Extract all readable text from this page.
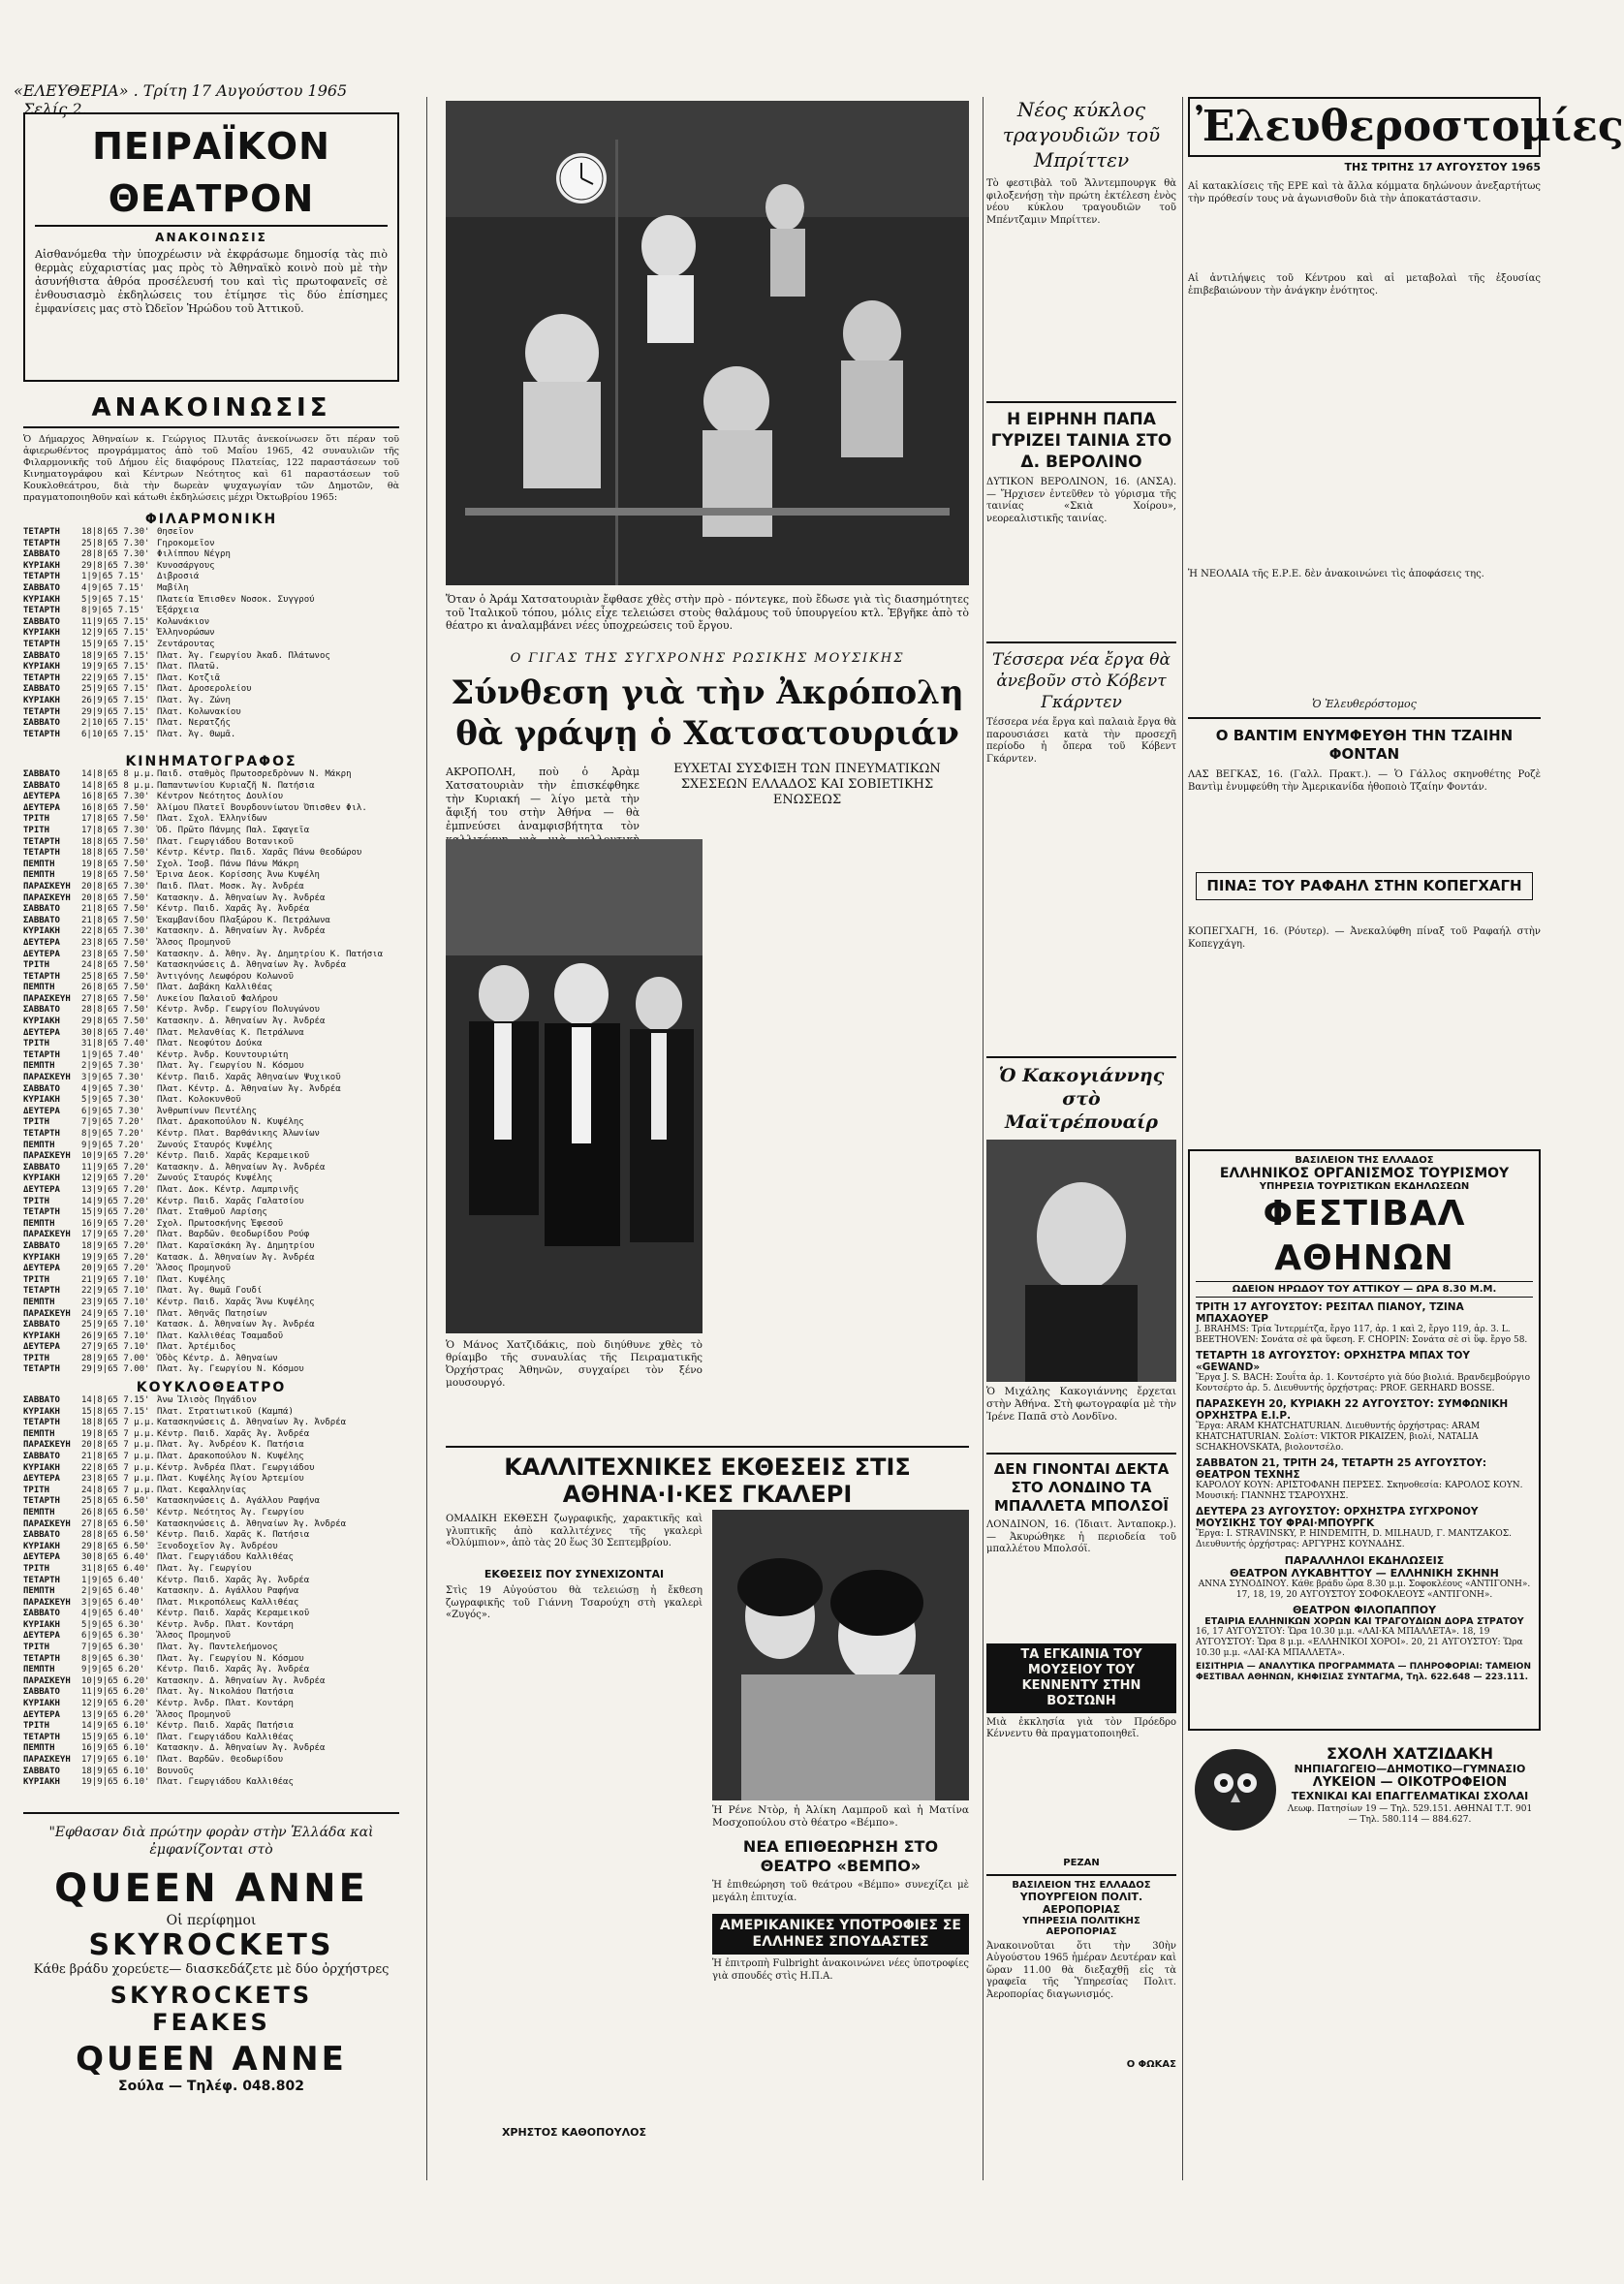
«ΕΛΕΥΘΕΡΙΑ» . Τρίτη 17 Αυγούστου 1965 Σελίς 2.
ΠΕΙΡΑΪΚΟΝ ΘΕΑΤΡΟΝ
ΑΝΑΚΟΙΝΩΣΙΣ
Αἰσθανόμεθα τὴν ὑποχρέωσιν νὰ ἐκφράσωμε δημοσίᾳ τὰς πιὸ θερμὰς εὐχαριστίας μας πρὸς τὸ Ἀθηναϊκὸ κοινὸ ποὺ μὲ τὴν ἀσυνήθιστα ἀθρόα προσέλευσή του καὶ τὶς πρωτοφανεῖς σὲ ἐνθουσιασμὸ ἐκδηλώσεις του ἐτίμησε τὶς δύο ἐπίσημες ἐμφανίσεις μας στὸ Ὠδεῖον Ἡρώδου τοῦ Ἀττικοῦ.
ΑΝΑΚΟΙΝΩΣΙΣ
Ὁ Δήμαρχος Ἀθηναίων κ. Γεώργιος Πλυτᾶς ἀνεκοίνωσεν ὅτι πέραν τοῦ ἀφιερωθέντος προγράμματος ἀπὸ τοῦ Μαΐου 1965, 42 συναυλιῶν τῆς Φιλαρμονικῆς τοῦ Δήμου ἐἰς διαφόρους Πλατείας, 122 παραστάσεων τοῦ Κινηματογράφου καὶ Κέντρων Νεότητος καὶ 61 παραστάσεων τοῦ Κουκλοθεάτρου, διὰ τὴν δωρεὰν ψυχαγωγίαν τῶν Δημοτῶν, θὰ πραγματοποιηθοῦν καὶ κάτωθι ἐκδηλώσεις μέχρι Ὀκτωβρίου 1965:
ΦΙΛΑΡΜΟΝΙΚΗ
ΤΕΤΑΡΤΗ	18|8|65 7.30' Θησεῖον
ΤΕΤΑΡΤΗ	25|8|65 7.30' Γηροκομεῖον
ΣΑΒΒΑΤΟ	28|8|65 7.30' Φιλίππου Νέγρη
ΚΥΡΙΑΚΗ	29|8|65 7.30' Κυνοσάργους
ΤΕΤΑΡΤΗ	1|9|65 7.15'	Διβροσιά
ΣΑΒΒΑΤΟ	4|9|65 7.15'	Μαβίλη
ΚΥΡΙΑΚΗ	5|9|65 7.15'	Πλατεία Ἐπισθεν Νοσοκ. Συγγρού
ΤΕΤΑΡΤΗ	8|9|65 7.15'	Ἐξάρχεια
ΣΑΒΒΑΤΟ	11|9|65 7.15' Κολωνάκιον
ΚΥΡΙΑΚΗ	12|9|65 7.15' Ἐλληνορώσων
ΤΕΤΑΡΤΗ	15|9|65 7.15' Ζεντάρουτας
ΣΑΒΒΑΤΟ	18|9|65 7.15' Πλατ. Ἁγ. Γεωργίου Ἀκαδ. Πλάτωνος
ΚΥΡΙΑΚΗ	19|9|65 7.15' Πλατ. Πλατῶ.
ΤΕΤΑΡΤΗ	22|9|65 7.15' Πλατ. Κοτζιᾶ
ΣΑΒΒΑΤΟ	25|9|65 7.15' Πλατ. Δροσερολείου
ΚΥΡΙΑΚΗ	26|9|65 7.15' Πλατ. Ἁγ. Ζώνη
ΤΕΤΑΡΤΗ	29|9|65 7.15' Πλατ. Κολωνακίου
ΣΑΒΒΑΤΟ	2|10|65 7.15' Πλατ. Νερατζής
ΤΕΤΑΡΤΗ	6|10|65 7.15' Πλατ. Ἁγ. Θωμᾶ.
ΚΙΝΗΜΑΤΟΓΡΑΦΟΣ
ΣΑΒΒΑΤΟ	14|8|65 8 μ.μ. Παιδ. σταθμὸς Πρωτοσρεδρὸνων Ν. Μάκρη
ΣΑΒΒΑΤΟ	14|8|65 8 μ.μ. Παπαντωνίου Κυριαζῆ Ν. Πατήσια
ΔΕΥΤΕΡΑ	16|8|65 7.30' Κέντρον Νεότητος Δουλίου
ΔΕΥΤΕΡΑ	16|8|65 7.50' Ἀλίμου Πλατεῖ Βουρδουνίωτου Ὀπισθεν Φιλ.
ΤΡΙΤΗ	17|8|65 7.50' Πλατ. Σχολ. Ἐλληνίδων
ΤΡΙΤΗ	17|8|65 7.30' Ὁδ. Πρῶτο Πάνμης Παλ. Σφαγεῖα
ΤΕΤΑΡΤΗ	18|8|65 7.50' Πλατ. Γεωργιάδου Βοτανικοῦ
ΤΕΤΑΡΤΗ	18|8|65 7.50' Κέντρ. Κέντρ. Παιδ. Χαρᾶς Πάνω Θεοδώρου
ΠΕΜΠΤΗ	19|8|65 7.50' Σχολ. Ἰσοβ. Πάνω Πάνω Μάκρη
ΠΕΜΠΤΗ	19|8|65 7.50' Ἐρινα Δεοκ. Κορίσσης Ἀνω Κυψέλη
ΠΑΡΑΣΚΕΥΗ	20|8|65 7.30' Παιδ. Πλατ. Μοσκ. Ἀγ. Ἀνδρέα
ΠΑΡΑΣΚΕΥΗ	20|8|65 7.50' Κατασκην. Δ. Ἀθηναίων Ἀγ. Ἀνδρέα
ΣΑΒΒΑΤΟ	21|8|65 7.50' Κέντρ. Παιδ. Χαρᾶς Ἀγ. Ἀνδρέα
ΣΑΒΒΑΤΟ	21|8|65 7.50' Ἐκαμβανίδου Πλαξώρου Κ. Πετράλωνα
ΚΥΡΙΑΚΗ	22|8|65 7.30' Κατασκην. Δ. Ἀθηναίων Ἀγ. Ἀνδρέα
ΔΕΥΤΕΡΑ	23|8|65 7.50' Ἄλσος Προμηνοῦ
ΔΕΥΤΕΡΑ	23|8|65 7.50' Κατασκην. Δ. Ἀθην. Ἀγ. Δημητρίου Κ. Πατήσια
ΤΡΙΤΗ	24|8|65 7.50' Κατασκηνώσεις Δ. Ἀθηναίων Ἀγ. Ἀνδρέα
ΤΕΤΑΡΤΗ	25|8|65 7.50' Ἀντιγόνης Λεωφόρου Κολωνοῦ
ΠΕΜΠΤΗ	26|8|65 7.50' Πλατ. Δαβάκη Καλλιθέας
ΠΑΡΑΣΚΕΥΗ	27|8|65 7.50' Λυκείου Παλαιοῦ Φαλήρου
ΣΑΒΒΑΤΟ	28|8|65 7.50' Κέντρ. Ἀνδρ. Γεωργίου Πολυγώνου
ΚΥΡΙΑΚΗ	29|8|65 7.50' Κατασκην. Δ. Ἀθηναίων Ἀγ. Ἀνδρέα
ΔΕΥΤΕΡΑ	30|8|65 7.40' Πλατ. Μελανθίας Κ. Πετράλωνα
ΤΡΙΤΗ	31|8|65 7.40' Πλατ. Νεοφύτου Δούκα
ΤΕΤΑΡΤΗ	1|9|65 7.40'	Κέντρ. Ἀνδρ. Κουντουριώτη
ΠΕΜΠΤΗ	2|9|65 7.30'	Πλατ. Ἀγ. Γεωργίου Ν. Κόσμου
ΠΑΡΑΣΚΕΥΗ	3|9|65 7.30'	Κέντρ. Παιδ. Χαρᾶς Ἀθηναίων Ψυχικοῦ
ΣΑΒΒΑΤΟ	4|9|65 7.30'	Πλατ. Κέντρ. Δ. Ἀθηναίων Ἀγ. Ἀνδρέα
ΚΥΡΙΑΚΗ	5|9|65 7.30'	Πλατ. Κολοκυνθοῦ
ΔΕΥΤΕΡΑ	6|9|65 7.30'	Ἀνθρωπίνων Πεντέλης
ΤΡΙΤΗ	7|9|65 7.20'	Πλατ. Δρακοπούλου Ν. Κυψέλης
ΤΕΤΑΡΤΗ	8|9|65 7.20'	Κέντρ. Πλατ. Βαρθάνικης Ἀλωνίων
ΠΕΜΠΤΗ	9|9|65 7.20'	Ζωνούς Σταυρός Κυψέλης
ΠΑΡΑΣΚΕΥΗ	10|9|65 7.20' Κέντρ. Παιδ. Χαρᾶς Κεραμεικοῦ
ΣΑΒΒΑΤΟ	11|9|65 7.20' Κατασκην. Δ. Ἀθηναίων Ἀγ. Ἀνδρέα
ΚΥΡΙΑΚΗ	12|9|65 7.20' Ζωνούς Σταυρός Κυψέλης
ΔΕΥΤΕΡΑ	13|9|65 7.20' Πλατ. Δοκ. Κέντρ. Λαμπρινῆς
ΤΡΙΤΗ	14|9|65 7.20' Κέντρ. Παιδ. Χαρᾶς Γαλατσίου
ΤΕΤΑΡΤΗ	15|9|65 7.20' Πλατ. Σταθμοῦ Λαρίσης
ΠΕΜΠΤΗ	16|9|65 7.20' Σχολ. Πρωτοσκήνης Ἐφεσοῦ
ΠΑΡΑΣΚΕΥΗ	17|9|65 7.20' Πλατ. Βαρδῶν. Θεοδωρίδου Ρούφ
ΣΑΒΒΑΤΟ	18|9|65 7.20' Πλατ. Καραϊσκάκη Ἁγ. Δημητρίου
ΚΥΡΙΑΚΗ	19|9|65 7.20' Κατασκ. Δ. Ἀθηναίων Ἀγ. Ἀνδρέα
ΔΕΥΤΕΡΑ	20|9|65 7.20' Ἄλσος Προμηνοῦ
ΤΡΙΤΗ	21|9|65 7.10' Πλατ. Κυψέλης
ΤΕΤΑΡΤΗ	22|9|65 7.10' Πλατ. Ἀγ. Θωμᾶ Γουδί
ΠΕΜΠΤΗ	23|9|65 7.10' Κέντρ. Παιδ. Χαρᾶς Ἄνω Κυψέλης
ΠΑΡΑΣΚΕΥΗ	24|9|65 7.10' Πλατ. Ἀθηνᾶς Πατησίων
ΣΑΒΒΑΤΟ	25|9|65 7.10' Κατασκ. Δ. Ἀθηναίων Ἀγ. Ἀνδρέα
ΚΥΡΙΑΚΗ	26|9|65 7.10' Πλατ. Καλλιθέας Τσαμαδοῦ
ΔΕΥΤΕΡΑ	27|9|65 7.10' Πλατ. Ἀρτέμιδος
ΤΡΙΤΗ	28|9|65 7.00' Ὁδὸς Κέντρ. Δ. Ἀθηναίων
ΤΕΤΑΡΤΗ	29|9|65 7.00' Πλατ. Ἀγ. Γεωργίου Ν. Κόσμου
ΚΟΥΚΛΟΘΕΑΤΡΟ
ΣΑΒΒΑΤΟ	14|8|65 7.15' Ἀνω Ἰλισὸς Πηγάδιον
ΚΥΡΙΑΚΗ	15|8|65 7.15' Πλατ. Στρατιωτικοῦ (Καμπά)
ΤΕΤΑΡΤΗ	18|8|65 7 μ.μ. Κατασκηνώσεις Δ. Ἀθηναίων Ἀγ. Ἀνδρέα
ΠΕΜΠΤΗ	19|8|65 7 μ.μ. Κέντρ. Παιδ. Χαρᾶς Ἀγ. Ἀνδρέα
ΠΑΡΑΣΚΕΥΗ	20|8|65 7 μ.μ. Πλατ. Ἀγ. Ἀνδρέου Κ. Πατήσια
ΣΑΒΒΑΤΟ	21|8|65 7 μ.μ. Πλατ. Δρακοπούλου Ν. Κυψέλης
ΚΥΡΙΑΚΗ	22|8|65 7 μ.μ. Κέντρ. Ἀνδρέα Πλατ. Γεωργιάδου
ΔΕΥΤΕΡΑ	23|8|65 7 μ.μ. Πλατ. Κυψέλης Ἀγίου Ἀρτεμίου
ΤΡΙΤΗ	24|8|65 7 μ.μ. Πλατ. Κεφαλληνίας
ΤΕΤΑΡΤΗ	25|8|65 6.50' Κατασκηνώσεις Δ. Αγάλλου Ραφήνα
ΠΕΜΠΤΗ	26|8|65 6.50' Κέντρ. Νεότητος Ἀγ. Γεωργίου
ΠΑΡΑΣΚΕΥΗ	27|8|65 6.50' Κατασκηνώσεις Δ. Ἀθηναίων Ἀγ. Ἀνδρέα
ΣΑΒΒΑΤΟ	28|8|65 6.50' Κέντρ. Παιδ. Χαρᾶς Κ. Πατήσια
ΚΥΡΙΑΚΗ	29|8|65 6.50' Ξενοδοχεῖον Ἀγ. Ἀνδρέου
ΔΕΥΤΕΡΑ	30|8|65 6.40' Πλατ. Γεωργιάδου Καλλιθέας
ΤΡΙΤΗ	31|8|65 6.40' Πλατ. Ἀγ. Γεωργίου
ΤΕΤΑΡΤΗ	1|9|65 6.40'	Κέντρ. Παιδ. Χαρᾶς Ἀγ. Ἀνδρέα
ΠΕΜΠΤΗ	2|9|65 6.40'	Κατασκην. Δ. Αγάλλου Ραφήνα
ΠΑΡΑΣΚΕΥΗ	3|9|65 6.40'	Πλατ. Μικροπόλεως Καλλιθέας
ΣΑΒΒΑΤΟ	4|9|65 6.40'	Κέντρ. Παιδ. Χαρᾶς Κεραμεικοῦ
ΚΥΡΙΑΚΗ	5|9|65 6.30'	Κέντρ. Ἀνδρ. Πλατ. Κοντάρη
ΔΕΥΤΕΡΑ	6|9|65 6.30'	Ἄλσος Προμηνοῦ
ΤΡΙΤΗ	7|9|65 6.30'	Πλατ. Ἀγ. Παντελεήμονος
ΤΕΤΑΡΤΗ	8|9|65 6.30'	Πλατ. Ἀγ. Γεωργίου Ν. Κόσμου
ΠΕΜΠΤΗ	9|9|65 6.20'	Κέντρ. Παιδ. Χαρᾶς Ἀγ. Ἀνδρέα
ΠΑΡΑΣΚΕΥΗ	10|9|65 6.20' Κατασκην. Δ. Ἀθηναίων Ἀγ. Ἀνδρέα
ΣΑΒΒΑΤΟ	11|9|65 6.20' Πλατ. Ἀγ. Νικολάου Πατήσια
ΚΥΡΙΑΚΗ	12|9|65 6.20' Κέντρ. Ἀνδρ. Πλατ. Κοντάρη
ΔΕΥΤΕΡΑ	13|9|65 6.20' Ἄλσος Προμηνοῦ
ΤΡΙΤΗ	14|9|65 6.10' Κέντρ. Παιδ. Χαρᾶς Πατήσια
ΤΕΤΑΡΤΗ	15|9|65 6.10' Πλατ. Γεωργιάδου Καλλιθέας
ΠΕΜΠΤΗ	16|9|65 6.10' Κατασκην. Δ. Ἀθηναίων Ἀγ. Ἀνδρέα
ΠΑΡΑΣΚΕΥΗ	17|9|65 6.10' Πλατ. Βαρδῶν. Θεοδωρίδου
ΣΑΒΒΑΤΟ	18|9|65 6.10' Βουνοῦς
ΚΥΡΙΑΚΗ	19|9|65 6.10' Πλατ. Γεωργιάδου Καλλιθέας
"Εφθασαν διὰ πρώτην φορὰν στὴν Ἑλλάδα καὶ ἐμφανίζονται στὸ
QUEEN ANNE
Οἱ περίφημοι
SKYROCKETS
Κάθε βράδυ χορεύετε— διασκεδάζετε μὲ δύο ὀρχήστρες
SKYROCKETS
FEAKES
QUEEN ANNE
Σούλα — Τηλέφ. 048.802
Ὅταν ὁ Ἀράμ Χατσατουριὰν ἔφθασε χθὲς στὴν πρὸ - πόντεγκε, ποὺ ἔδωσε γιὰ τὶς διασημότητες τοῦ Ἰταλικοῦ τόπου, μόλις εἶχε τελειώσει στοὺς θαλάμους τοῦ ὑπουργείου κτλ. Ἐβγῆκε ἀπὸ τὸ θέατρο κι ἀναλαμβάνει νέες ὑποχρεώσεις τοῦ ἔργου.
Ο ΓΙΓΑΣ ΤΗΣ ΣΥΓΧΡΟΝΗΣ ΡΩΣΙΚΗΣ ΜΟΥΣΙΚΗΣ
Σύνθεση γιὰ τὴν Ἀκρόπολη θὰ γράψῃ ὁ Χατσατουριάν
ΕΥΧΕΤΑΙ ΣΥΣΦΙΞΗ ΤΩΝ ΠΝΕΥΜΑΤΙΚΩΝ ΣΧΕΣΕΩΝ ΕΛΛΑΔΟΣ ΚΑΙ ΣΟΒΙΕΤΙΚΗΣ ΕΝΩΣΕΩΣ
ΑΚΡΟΠΟΛΗ, ποὺ ὁ Ἀρὰμ Χατσατουριὰν τὴν ἐπισκέφθηκε τὴν Κυριακή — λίγο μετὰ τὴν ἄφιξή του στὴν Ἀθήνα — θὰ ἐμπνεύσει ἀναμφισβήτητα τὸν
Ὁ Μάνος Χατζιδάκις, ποὺ διηύθυνε χθὲς τὸ θρίαμβο τῆς συναυλίας τῆς Πειραματικῆς Ὀρχήστρας Ἀθηνῶν, συγχαίρει τὸν ξένο μουσουργό.
ΚΑΛΛΙΤΕΧΝΙΚΕΣ ΕΚΘΕΣΕΙΣ ΣΤΙΣ ΑΘΗΝΑ·Ι·ΚΕΣ ΓΚΑΛΕΡΙ
ΟΜΑΔΙΚΗ ΕΚΘΕΣΗ ζωγραφικῆς, χαρακτικῆς καὶ γλυπτικῆς ἀπὸ καλλιτέχνες τῆς γκαλερὶ «Ὀλύμπιον», ἀπὸ τὰς 20 ἕως 30 Σεπτεμβρίου.
ΕΚΘΕΣΕΙΣ ΠΟΥ ΣΥΝΕΧΙΖΟΝΤΑΙ
Στὶς 19 Αὐγούστου θὰ τελειώσῃ ἡ ἔκθεση ζωγραφικῆς τοῦ Γιάννη Τσαρούχη στὴ γκαλερὶ «Ζυγός».
ΧΡΗΣΤΟΣ ΚΑΘΟΠΟΥΛΟΣ
Ἡ Ρένε Ντὸρ, ἡ Ἀλίκη Λαμπροῦ καὶ ἡ Ματίνα Μοσχοπούλου στὸ θέατρο «Βέμπο».
ΝΕΑ ΕΠΙΘΕΩΡΗΣΗ ΣΤΟ ΘΕΑΤΡΟ «ΒΕΜΠΟ»
Ἡ ἐπιθεώρηση τοῦ θεάτρου «Βέμπο» συνεχίζει μὲ μεγάλη ἐπιτυχία.
ΑΜΕΡΙΚΑΝΙΚΕΣ ΥΠΟΤΡΟΦΙΕΣ ΣΕ ΕΛΛΗΝΕΣ ΣΠΟΥΔΑΣΤΕΣ
Ἡ ἐπιτροπὴ Fulbright ἀνακοινώνει νέες ὑποτροφίες γιὰ σπουδές στὶς Η.Π.Α.
Νέος κύκλος τραγουδιῶν τοῦ Μπρίττεν
Τὸ φεστιβὰλ τοῦ Ἄλντεμπουργκ θὰ φιλοξενήσῃ τὴν πρώτη ἐκτέλεση ἑνὸς νέου κύκλου τραγουδιῶν τοῦ Μπέντζαμιν Μπρίττεν.
Η ΕΙΡΗΝΗ ΠΑΠΑ ΓΥΡΙΖΕΙ ΤΑΙΝΙΑ ΣΤΟ Δ. ΒΕΡΟΛΙΝΟ
ΔΥΤΙΚΟΝ ΒΕΡΟΛΙΝΟΝ, 16. (ΑΝΣΑ). — Ἤρχισεν ἐντεῦθεν τὸ γύρισμα τῆς ταινίας «Σκιὰ Χοίρου», νεορεαλιστικῆς ταινίας.
Τέσσερα νέα ἔργα θὰ ἀνεβοῦν στὸ Κόβεντ Γκάρντεν
Τέσσερα νέα ἔργα καὶ παλαιὰ ἔργα θὰ παρουσιάσει κατὰ τὴν προσεχῆ περίοδο ἡ ὄπερα τοῦ Κόβεντ Γκάρντεν.
Ὁ Κακογιάννης στὸ Μαϊτρέπουαίρ
Ὁ Μιχάλης Κακογιάννης ἔρχεται στὴν Ἀθήνα. Στὴ φωτογραφία μὲ τὴν Ἰρένε Παπᾶ στὸ Λονδῖνο.
ΔΕΝ ΓΙΝΟΝΤΑΙ ΔΕΚΤΑ ΣΤΟ ΛΟΝΔΙΝΟ ΤΑ ΜΠΑΛΛΕΤΑ ΜΠΟΛΣΟΪ
ΛΟΝΔΙΝΟΝ, 16. (Ἰδιαιτ. Ἀνταποκρ.). — Ἀκυρώθηκε ἡ περιοδεία τοῦ μπαλλέτου Μπολσόϊ.
ΤΑ ΕΓΚΑΙΝΙΑ ΤΟΥ ΜΟΥΣΕΙΟΥ ΤΟΥ ΚΕΝΝΕΝΤΥ ΣΤΗΝ ΒΟΣΤΩΝΗ
Μιὰ ἐκκλησία γιὰ τὸν Πρόεδρο Κέννεντυ θὰ πραγματοποιηθεῖ.
ΡΕΖΑΝ
ΒΑΣΙΛΕΙΟΝ ΤΗΣ ΕΛΛΑΔΟΣ
ΥΠΟΥΡΓΕΙΟΝ ΠΟΛΙΤ. ΑΕΡΟΠΟΡΙΑΣ
ΥΠΗΡΕΣΙΑ ΠΟΛΙΤΙΚΗΣ ΑΕΡΟΠΟΡΙΑΣ
Ἀνακοινοῦται ὅτι τὴν 30ὴν Αὐγούστου 1965 ἡμέραν Δευτέραν καὶ ὥραν 11.00 θὰ διεξαχθῇ εἰς τὰ γραφεῖα τῆς Ὑπηρεσίας Πολιτ. Ἀεροπορίας διαγωνισμός.
Ο ΦΩΚΑΣ
Ἐλευθεροστομίες
ΤΗΣ ΤΡΙΤΗΣ 17 ΑΥΓΟΥΣΤΟΥ 1965
Αἱ κατακλίσεις τῆς ΕΡΕ καὶ τὰ ἄλλα κόμματα δηλώνουν ἀνεξαρτήτως τὴν πρόθεσίν τους νὰ ἀγωνισθοῦν διὰ τὴν ἀποκατάστασιν.
Αἱ ἀντιλήψεις τοῦ Κέντρου καὶ αἱ μεταβολαὶ τῆς ἐξουσίας ἐπιβεβαιώνουν τὴν ἀνάγκην ἐνότητος.
Ἡ ΝΕΟΛΑΙΑ τῆς Ε.Ρ.Ε. δὲν ἀνακοινώνει τὶς ἀποφάσεις της.
Ὁ Ἐλευθερόστομος
Ο ΒΑΝΤΙΜ ΕΝΥΜΦΕΥΘΗ ΤΗΝ ΤΖΑΙΗΝ ΦΟΝΤΑΝ
ΛΑΣ ΒΕΓΚΑΣ, 16. (Γαλλ. Πρακτ.). — Ὁ Γάλλος σκηνοθέτης Ροζὲ Βαντὶμ ἐνυμφεύθη τὴν Ἀμερικανίδα ἠθοποιὸ Τζαίην Φοντάν.
ΠΙΝΑΞ ΤΟΥ ΡΑΦΑΗΛ ΣΤΗΝ ΚΟΠΕΓΧΑΓΗ
ΚΟΠΕΓΧΑΓΗ, 16. (Ρόυτερ). — Ἀνεκαλύφθη πίναξ τοῦ Ραφαήλ στὴν Κοπεγχάγη.
ΒΑΣΙΛΕΙΟΝ ΤΗΣ ΕΛΛΑΔΟΣ
ΕΛΛΗΝΙΚΟΣ ΟΡΓΑΝΙΣΜΟΣ ΤΟΥΡΙΣΜΟΥ
ΥΠΗΡΕΣΙΑ ΤΟΥΡΙΣΤΙΚΩΝ ΕΚΔΗΛΩΣΕΩΝ
ΦΕΣΤΙΒΑΛ ΑΘΗΝΩΝ
ΩΔΕΙΟΝ ΗΡΩΔΟΥ ΤΟΥ ΑΤΤΙΚΟΥ — ΩΡΑ 8.30 Μ.Μ.
ΤΡΙΤΗ 17 ΑΥΓΟΥΣΤΟΥ: ΡΕΣΙΤΑΛ ΠΙΑΝΟΥ, ΤΖΙΝΑ ΜΠΑΧΑΟΥΕΡ
J. BRAHMS: Τρία Ἰντερμέτζα, ἔργο 117, ἀρ. 1 καὶ 2, ἔργο 119, ἀρ. 3. L. BEETHOVEN: Σονάτα σὲ φὰ ὕφεση. F. CHOPIN: Σονάτα σὲ σὶ ὕφ. ἔργο 58.
ΤΕΤΑΡΤΗ 18 ΑΥΓΟΥΣΤΟΥ: ΟΡΧΗΣΤΡΑ ΜΠΑΧ ΤΟΥ «GEWAND»
Ἔργα J. S. BACH: Σουΐτα ἀρ. 1. Κοντσέρτο γιὰ δύο βιολιά. Βρανδεμβούργιο Κοντσέρτο ἀρ. 5. Διευθυντής ὀρχήστρας: PROF. GERHARD BOSSE.
ΠΑΡΑΣΚΕΥΗ 20, ΚΥΡΙΑΚΗ 22 ΑΥΓΟΥΣΤΟΥ: ΣΥΜΦΩΝΙΚΗ ΟΡΧΗΣΤΡΑ Ε.Ι.Ρ.
Ἔργα: ARAM KHATCHATURIAN. Διευθυντής ὀρχήστρας: ARAM KHATCHATURIAN. Σολίστ: VIKTOR PIKAIZEN, βιολί, NATALIA SCHAKHOVSKATA, βιολοντσέλο.
ΣΑΒΒΑΤΟΝ 21, ΤΡΙΤΗ 24, ΤΕΤΑΡΤΗ 25 ΑΥΓΟΥΣΤΟΥ: ΘΕΑΤΡΟΝ ΤΕΧΝΗΣ
ΚΑΡΟΛΟΥ ΚΟΥΝ: ΑΡΙΣΤΟΦΑΝΗ ΠΕΡΣΕΣ. Σκηνοθεσία: ΚΑΡΟΛΟΣ ΚΟΥΝ. Μουσική: ΓΙΑΝΝΗΣ ΤΣΑΡΟΥΧΗΣ.
ΔΕΥΤΕΡΑ 23 ΑΥΓΟΥΣΤΟΥ: ΟΡΧΗΣΤΡΑ ΣΥΓΧΡΟΝΟΥ ΜΟΥΣΙΚΗΣ ΤΟΥ ΦΡΑΙ·ΜΠΟΥΡΓΚ
Ἔργα: I. STRAVINSKY, P. HINDEMITH, D. MILHAUD, Γ. ΜΑΝΤΖΑΚΟΣ. Διευθυντής ὀρχήστρας: ΑΡΓΥΡΗΣ ΚΟΥΝΑΔΗΣ.
ΠΑΡΑΛΛΗΛΟΙ ΕΚΔΗΛΩΣΕΙΣ
ΘΕΑΤΡΟΝ ΛΥΚΑΒΗΤΤΟΥ — ΕΛΛΗΝΙΚΗ ΣΚΗΝΗ
ΑΝΝΑ ΣΥΝΟΔΙΝΟΥ. Κάθε βράδυ ὥρα 8.30 μ.μ. Σοφοκλέους «ΑΝΤΙΓΟΝΗ».
17, 18, 19, 20 ΑΥΓΟΥΣΤΟΥ ΣΟΦΟΚΛΕΟΥΣ «ΑΝΤΙΓΟΝΗ».
ΘΕΑΤΡΟΝ ΦΙΛΟΠΑΠΠΟΥ
ΕΤΑΙΡΙΑ ΕΛΛΗΝΙΚΩΝ ΧΟΡΩΝ ΚΑΙ ΤΡΑΓΟΥΔΙΩΝ ΔΟΡΑ ΣΤΡΑΤΟΥ
16, 17 ΑΥΓΟΥΣΤΟΥ: Ὥρα 10.30 μ.μ. «ΛΑΙ·ΚΑ ΜΠΑΛΛΕΤΑ». 18, 19 ΑΥΓΟΥΣΤΟΥ: Ὥρα 8 μ.μ. «ΕΛΛΗΝΙΚΟΙ ΧΟΡΟΙ». 20, 21 ΑΥΓΟΥΣΤΟΥ: Ὥρα 10.30 μ.μ. «ΛΑΙ·ΚΑ ΜΠΑΛΛΕΤΑ».
ΕΙΣΙΤΗΡΙΑ — ΑΝΑΛΥΤΙΚΑ ΠΡΟΓΡΑΜΜΑΤΑ — ΠΛΗΡΟΦΟΡΙΑΙ: ΤΑΜΕΙΟΝ ΦΕΣΤΙΒΑΛ ΑΘΗΝΩΝ, ΚΗΦΙΣΙΑΣ ΣΥΝΤΑΓΜΑ, Τηλ. 622.648 — 223.111.
ΣΧΟΛΗ ΧΑΤΖΙΔΑΚΗ
ΝΗΠΙΑΓΩΓΕΙΟ—ΔΗΜΟΤΙΚΟ—ΓΥΜΝΑΣΙΟ
ΛΥΚΕΙΟΝ — ΟΙΚΟΤΡΟΦΕΙΟΝ
ΤΕΧΝΙΚΑΙ ΚΑΙ ΕΠΑΓΓΕΛΜΑΤΙΚΑΙ ΣΧΟΛΑΙ
Λεωφ. Πατησίων 19 — Τηλ. 529.151. ΑΘΗΝΑΙ Τ.Τ. 901 — Τηλ. 580.114 — 884.627.
